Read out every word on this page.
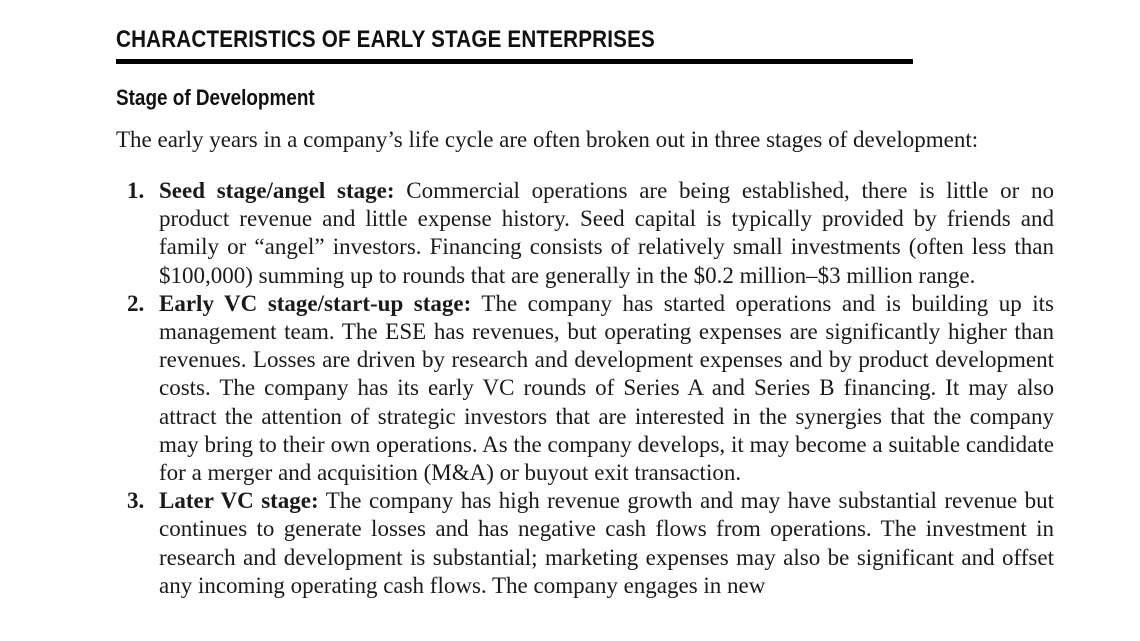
CHARACTERISTICS OF EARLY STAGE ENTERPRISES
Stage of Development
The early years in a company’s life cycle are often broken out in three stages of development:
1. Seed stage/angel stage: Commercial operations are being established, there is little or no product revenue and little expense history. Seed capital is typically provided by friends and family or “angel” investors. Financing consists of relatively small investments (often less than $100,000) summing up to rounds that are generally in the $0.2 million–$3 million range.

2. Early VC stage/start-up stage: The company has started operations and is building up its management team. The ESE has revenues, but operating expenses are significantly higher than revenues. Losses are driven by research and development expenses and by product development costs. The company has its early VC rounds of Series A and Series B financing. It may also attract the attention of strategic investors that are interested in the synergies that the company may bring to their own operations. As the company develops, it may become a suitable candidate for a merger and acquisition (M&A) or buyout exit transaction.

3. Later VC stage: The company has high revenue growth and may have substantial revenue but continues to generate losses and has negative cash flows from operations. The investment in research and development is substantial; marketing expenses may also be significant and offset any incoming operating cash flows. The company engages in new
